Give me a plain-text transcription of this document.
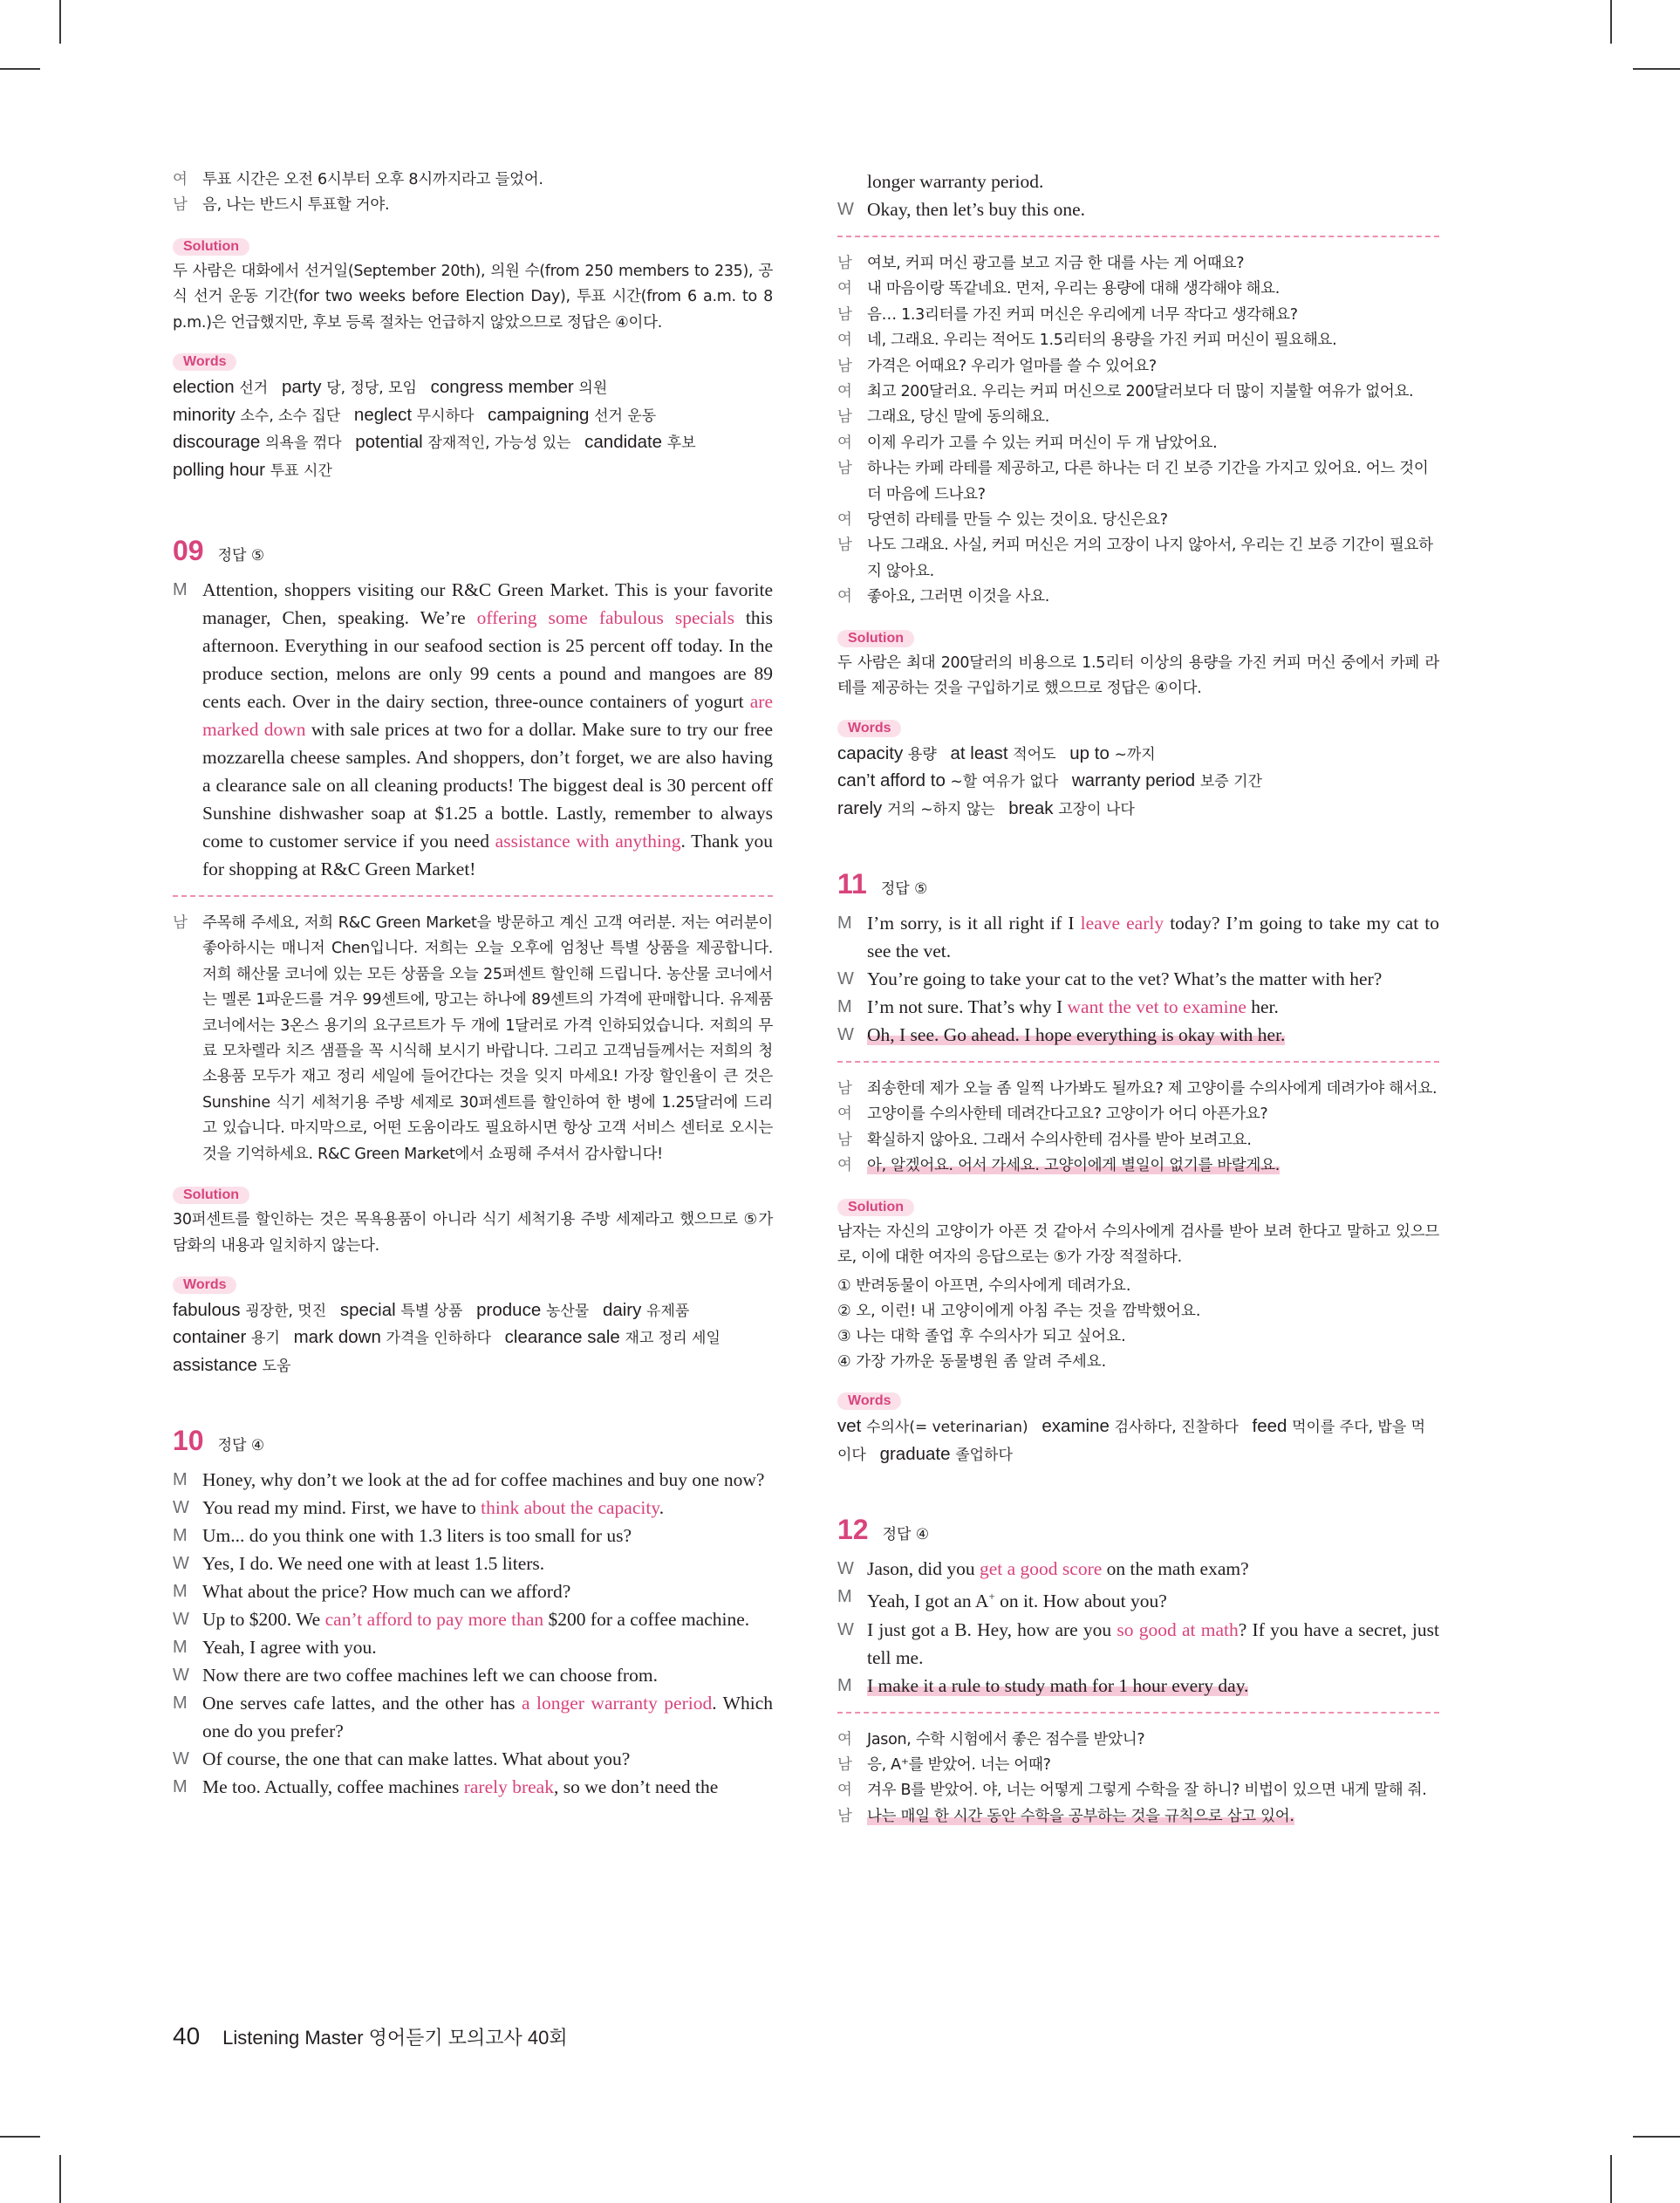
여 투표 시간은 오전 6시부터 오후 8시까지라고 들었어.
남 음, 나는 반드시 투표할 거야.
Solution
두 사람은 대화에서 선거일(September 20th), 의원 수(from 250 members to 235), 공식 선거 운동 기간(for two weeks before Election Day), 투표 시간(from 6 a.m. to 8 p.m.)은 언급했지만, 후보 등록 절차는 언급하지 않았으므로 정답은 ④이다.
Words
election 선거 party 당, 정당, 모임 congress member 의원
minority 소수, 소수 집단 neglect 무시하다 campaigning 선거 운동
discourage 의욕을 꺾다 potential 잠재적인, 가능성 있는 candidate 후보
polling hour 투표 시간
09 정답 ⑤
M Attention, shoppers visiting our R&C Green Market. This is your favorite manager, Chen, speaking. We’re offering some fabulous specials this afternoon. Everything in our seafood section is 25 percent off today. In the produce section, melons are only 99 cents a pound and mangoes are 89 cents each. Over in the dairy section, three-ounce containers of yogurt are marked down with sale prices at two for a dollar. Make sure to try our free mozzarella cheese samples. And shoppers, don’t forget, we are also having a clearance sale on all cleaning products! The biggest deal is 30 percent off Sunshine dishwasher soap at $1.25 a bottle. Lastly, remember to always come to customer service if you need assistance with anything. Thank you for shopping at R&C Green Market!
남 주목해 주세요, 저희 R&C Green Market을 방문하고 계신 고객 여러분. 저는 여러분이 좋아하시는 매니저 Chen입니다. 저희는 오늘 오후에 엄청난 특별 상품을 제공합니다. 저희 해산물 코너에 있는 모든 상품을 오늘 25퍼센트 할인해 드립니다. 농산물 코너에서는 멜론 1파운드를 겨우 99센트에, 망고는 하나에 89센트의 가격에 판매합니다. 유제품 코너에서는 3온스 용기의 요구르트가 두 개에 1달러로 가격 인하되었습니다. 저희의 무료 모차렐라 치즈 샘플을 꼭 시식해 보시기 바랍니다. 그리고 고객님들께서는 저희의 청소용품 모두가 재고 정리 세일에 들어간다는 것을 잊지 마세요! 가장 할인율이 큰 것은 Sunshine 식기 세척기용 주방 세제로 30퍼센트를 할인하여 한 병에 1.25달러에 드리고 있습니다. 마지막으로, 어떤 도움이라도 필요하시면 항상 고객 서비스 센터로 오시는 것을 기억하세요. R&C Green Market에서 쇼핑해 주셔서 감사합니다!
Solution
30퍼센트를 할인하는 것은 목욕용품이 아니라 식기 세척기용 주방 세제라고 했으므로 ⑤가 담화의 내용과 일치하지 않는다.
Words
fabulous 굉장한, 멋진 special 특별 상품 produce 농산물 dairy 유제품
container 용기 mark down 가격을 인하하다 clearance sale 재고 정리 세일
assistance 도움
10 정답 ④
M Honey, why don’t we look at the ad for coffee machines and buy one now?
W You read my mind. First, we have to think about the capacity.
M Um... do you think one with 1.3 liters is too small for us?
W Yes, I do. We need one with at least 1.5 liters.
M What about the price? How much can we afford?
W Up to $200. We can’t afford to pay more than $200 for a coffee machine.
M Yeah, I agree with you.
W Now there are two coffee machines left we can choose from.
M One serves cafe lattes, and the other has a longer warranty period. Which one do you prefer?
W Of course, the one that can make lattes. What about you?
M Me too. Actually, coffee machines rarely break, so we don’t need the
longer warranty period.
W Okay, then let’s buy this one.
남 여보, 커피 머신 광고를 보고 지금 한 대를 사는 게 어때요?
여 내 마음이랑 똑같네요. 먼저, 우리는 용량에 대해 생각해야 해요.
남 음… 1.3리터를 가진 커피 머신은 우리에게 너무 작다고 생각해요?
여 네, 그래요. 우리는 적어도 1.5리터의 용량을 가진 커피 머신이 필요해요.
남 가격은 어때요? 우리가 얼마를 쓸 수 있어요?
여 최고 200달러요. 우리는 커피 머신으로 200달러보다 더 많이 지불할 여유가 없어요.
남 그래요, 당신 말에 동의해요.
여 이제 우리가 고를 수 있는 커피 머신이 두 개 남았어요.
남 하나는 카페 라테를 제공하고, 다른 하나는 더 긴 보증 기간을 가지고 있어요. 어느 것이 더 마음에 드나요?
여 당연히 라테를 만들 수 있는 것이요. 당신은요?
남 나도 그래요. 사실, 커피 머신은 거의 고장이 나지 않아서, 우리는 긴 보증 기간이 필요하지 않아요.
여 좋아요, 그러면 이것을 사요.
Solution
두 사람은 최대 200달러의 비용으로 1.5리터 이상의 용량을 가진 커피 머신 중에서 카페 라테를 제공하는 것을 구입하기로 했으므로 정답은 ④이다.
Words
capacity 용량 at least 적어도 up to ~까지
can’t afford to ~할 여유가 없다 warranty period 보증 기간
rarely 거의 ~하지 않는 break 고장이 나다
11 정답 ⑤
M I’m sorry, is it all right if I leave early today? I’m going to take my cat to see the vet.
W You’re going to take your cat to the vet? What’s the matter with her?
M I’m not sure. That’s why I want the vet to examine her.
W Oh, I see. Go ahead. I hope everything is okay with her.
남 죄송한데 제가 오늘 좀 일찍 나가봐도 될까요? 제 고양이를 수의사에게 데려가야 해서요.
여 고양이를 수의사한테 데려간다고요? 고양이가 어디 아픈가요?
남 확실하지 않아요. 그래서 수의사한테 검사를 받아 보려고요.
여 아, 알겠어요. 어서 가세요. 고양이에게 별일이 없기를 바랄게요.
Solution
남자는 자신의 고양이가 아픈 것 같아서 수의사에게 검사를 받아 보려 한다고 말하고 있으므로, 이에 대한 여자의 응답으로는 ⑤가 가장 적절하다.
① 반려동물이 아프면, 수의사에게 데려가요.
② 오, 이런! 내 고양이에게 아침 주는 것을 깜박했어요.
③ 나는 대학 졸업 후 수의사가 되고 싶어요.
④ 가장 가까운 동물병원 좀 알려 주세요.
Words
vet 수의사(= veterinarian) examine 검사하다, 진찰하다 feed 먹이를 주다, 밥을 먹이다 graduate 졸업하다
12 정답 ④
W Jason, did you get a good score on the math exam?
M Yeah, I got an A+ on it. How about you?
W I just got a B. Hey, how are you so good at math? If you have a secret, just tell me.
M I make it a rule to study math for 1 hour every day.
여 Jason, 수학 시험에서 좋은 점수를 받았니?
남 응, A⁺를 받았어. 너는 어때?
여 겨우 B를 받았어. 야, 너는 어떻게 그렇게 수학을 잘 하니? 비법이 있으면 내게 말해 줘.
남 나는 매일 한 시간 동안 수학을 공부하는 것을 규칙으로 삼고 있어.
40 Listening Master 영어듣기 모의고사 40회
